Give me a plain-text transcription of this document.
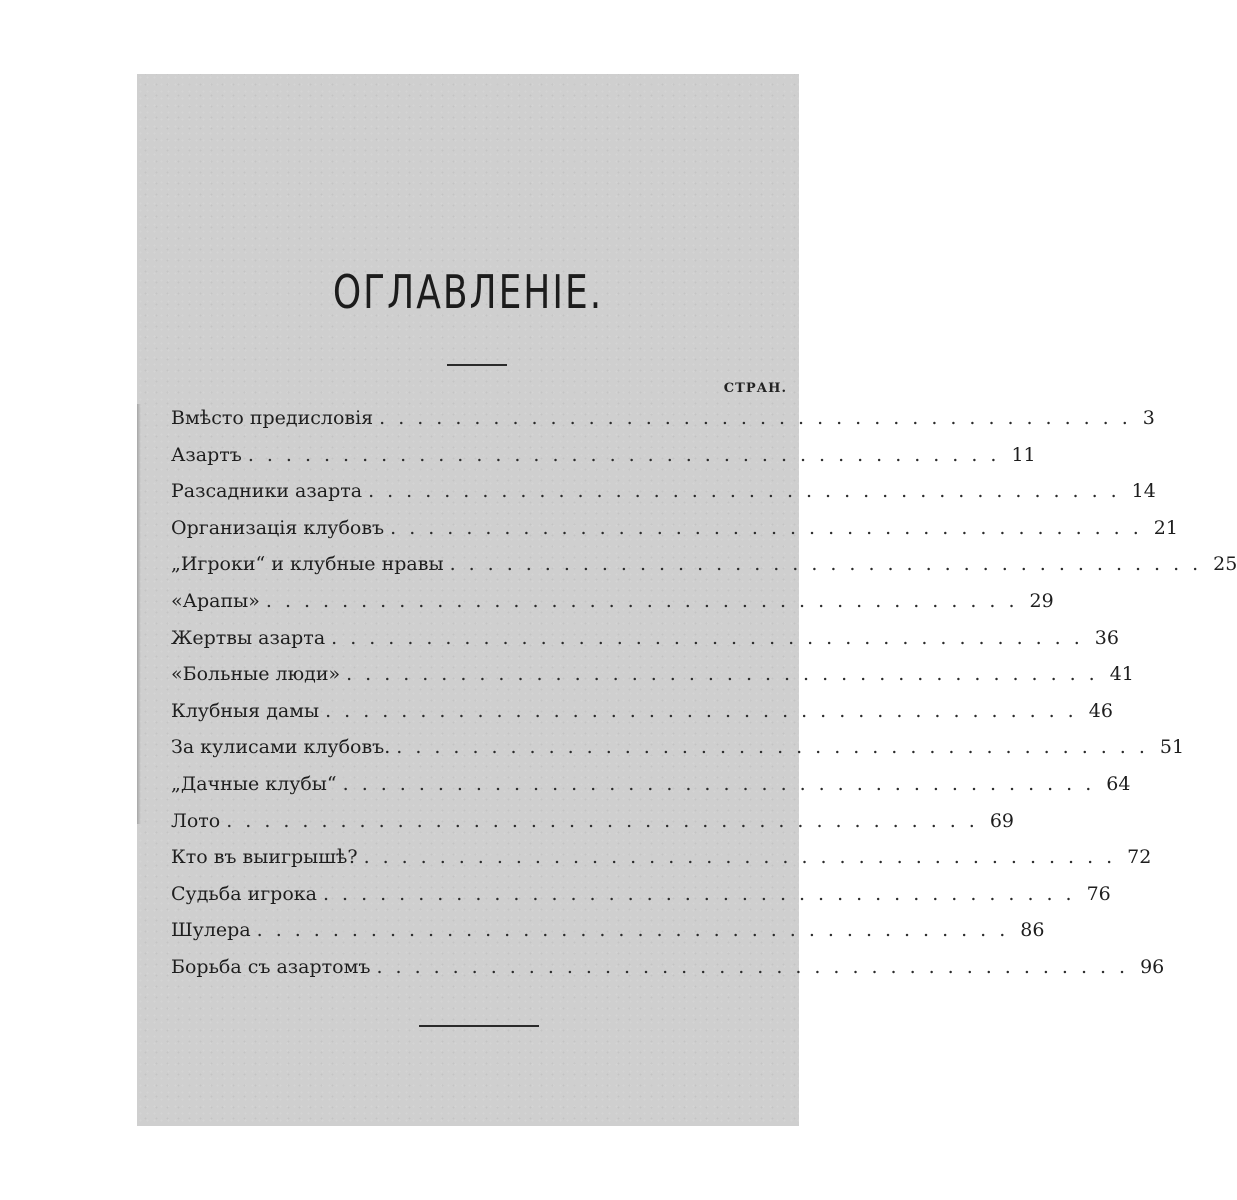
ОГЛАВЛЕНІЕ.
СТРАН.
Вмѣсто предисловія ........................................ 3
Азартъ ........................................ 11
Разсадники азарта ........................................ 14
Организація клубовъ ........................................ 21
„Игроки“ и клубные нравы ........................................ 25
«Арапы» ........................................ 29
Жертвы азарта ........................................ 36
«Больные люди» ........................................ 41
Клубныя дамы ........................................ 46
За кулисами клубовъ. ........................................ 51
„Дачные клубы“ ........................................ 64
Лото ........................................ 69
Кто въ выигрышѣ? ........................................ 72
Судьба игрока ........................................ 76
Шулера ........................................ 86
Борьба съ азартомъ ........................................ 96
